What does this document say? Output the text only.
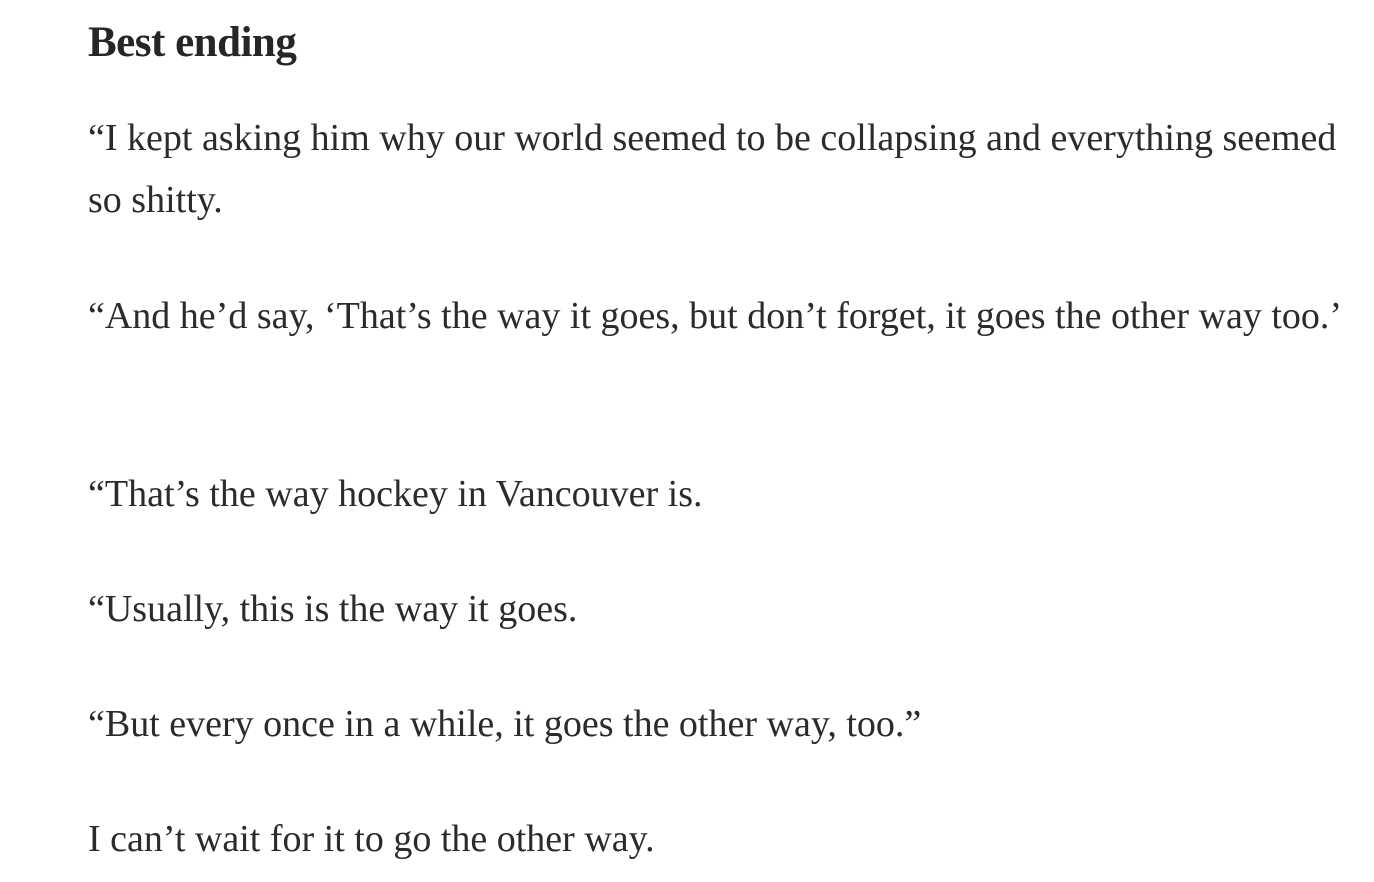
Best ending

“I kept asking him why our world seemed to be collapsing and everything seemed so shitty.

“And he’d say, ‘That’s the way it goes, but don’t forget, it goes the other way too.’

“That’s the way hockey in Vancouver is.

“Usually, this is the way it goes.

“But every once in a while, it goes the other way, too.”

I can’t wait for it to go the other way.
